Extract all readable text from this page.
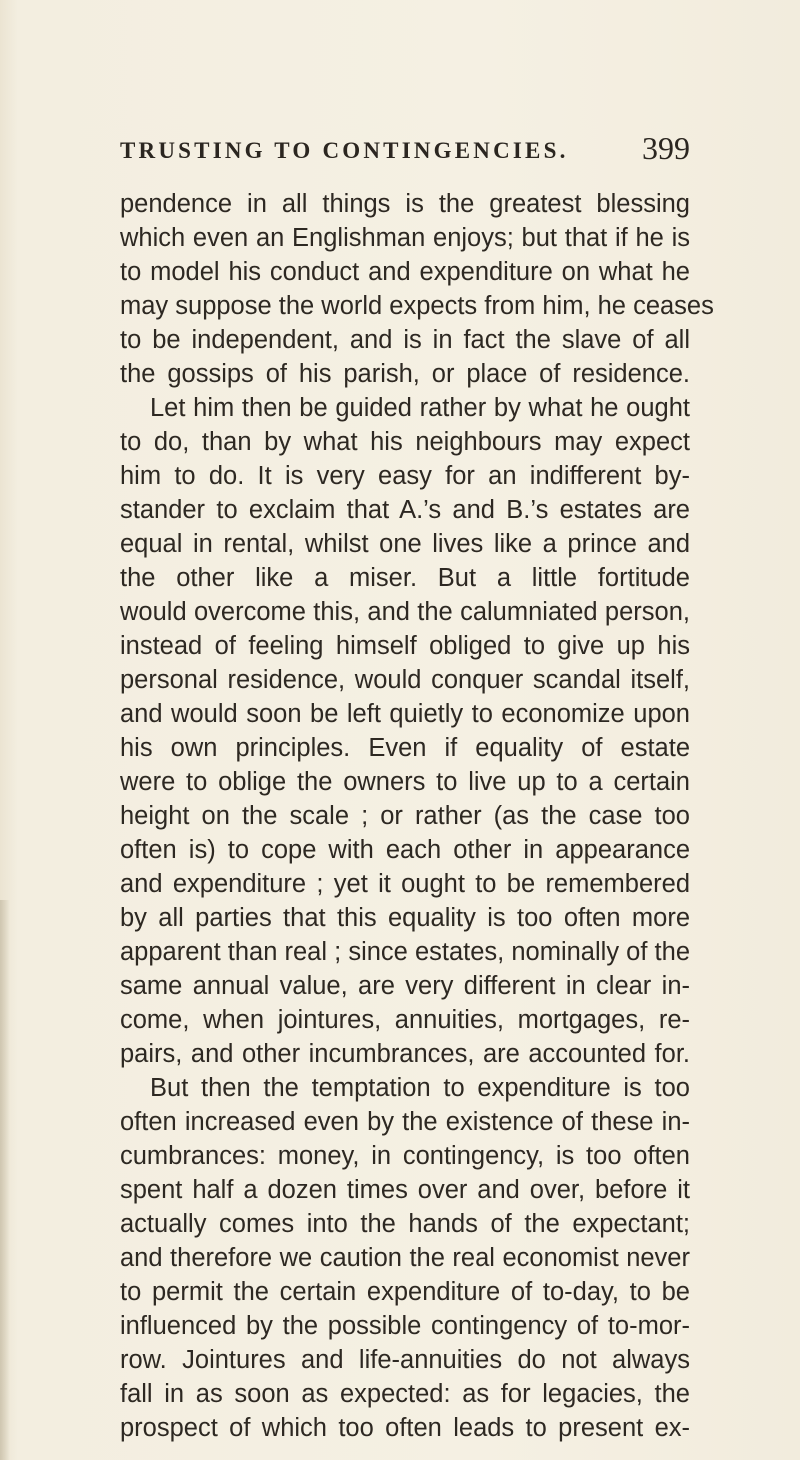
TRUSTING TO CONTINGENCIES. 399
pendence in all things is the greatest blessing
which even an Englishman enjoys; but that if he is
to model his conduct and expenditure on what he
may suppose the world expects from him, he ceases
to be independent, and is in fact the slave of all
the gossips of his parish, or place of residence.
Let him then be guided rather by what he ought
to do, than by what his neighbours may expect
him to do. It is very easy for an indifferent by-
stander to exclaim that A.’s and B.’s estates are
equal in rental, whilst one lives like a prince and
the other like a miser. But a little fortitude
would overcome this, and the calumniated person,
instead of feeling himself obliged to give up his
personal residence, would conquer scandal itself,
and would soon be left quietly to economize upon
his own principles. Even if equality of estate
were to oblige the owners to live up to a certain
height on the scale ; or rather (as the case too
often is) to cope with each other in appearance
and expenditure ; yet it ought to be remembered
by all parties that this equality is too often more
apparent than real ; since estates, nominally of the
same annual value, are very different in clear in-
come, when jointures, annuities, mortgages, re-
pairs, and other incumbrances, are accounted for.
But then the temptation to expenditure is too
often increased even by the existence of these in-
cumbrances: money, in contingency, is too often
spent half a dozen times over and over, before it
actually comes into the hands of the expectant;
and therefore we caution the real economist never
to permit the certain expenditure of to-day, to be
influenced by the possible contingency of to-mor-
row. Jointures and life-annuities do not always
fall in as soon as expected: as for legacies, the
prospect of which too often leads to present ex-
